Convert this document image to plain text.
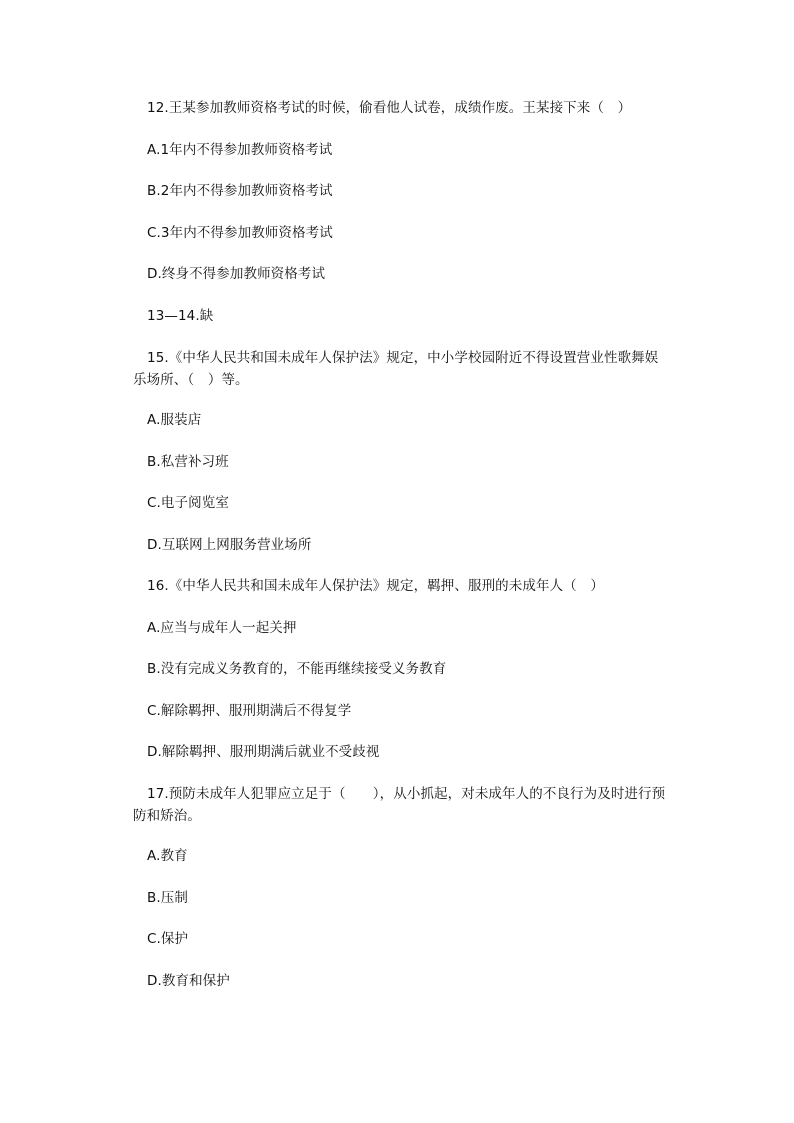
12.王某参加教师资格考试的时候，偷看他人试卷，成绩作废。王某接下来（　）
A.1年内不得参加教师资格考试
B.2年内不得参加教师资格考试
C.3年内不得参加教师资格考试
D.终身不得参加教师资格考试
13—14.缺
15.《中华人民共和国未成年人保护法》规定，中小学校园附近不得设置营业性歌舞娱
乐场所、（　）等。
A.服装店
B.私营补习班
C.电子阅览室
D.互联网上网服务营业场所
16.《中华人民共和国未成年人保护法》规定，羁押、服刑的未成年人（　）
A.应当与成年人一起关押
B.没有完成义务教育的，不能再继续接受义务教育
C.解除羁押、服刑期满后不得复学
D.解除羁押、服刑期满后就业不受歧视
17.预防未成年人犯罪应立足于（　　），从小抓起，对未成年人的不良行为及时进行预
防和矫治。
A.教育
B.压制
C.保护
D.教育和保护
